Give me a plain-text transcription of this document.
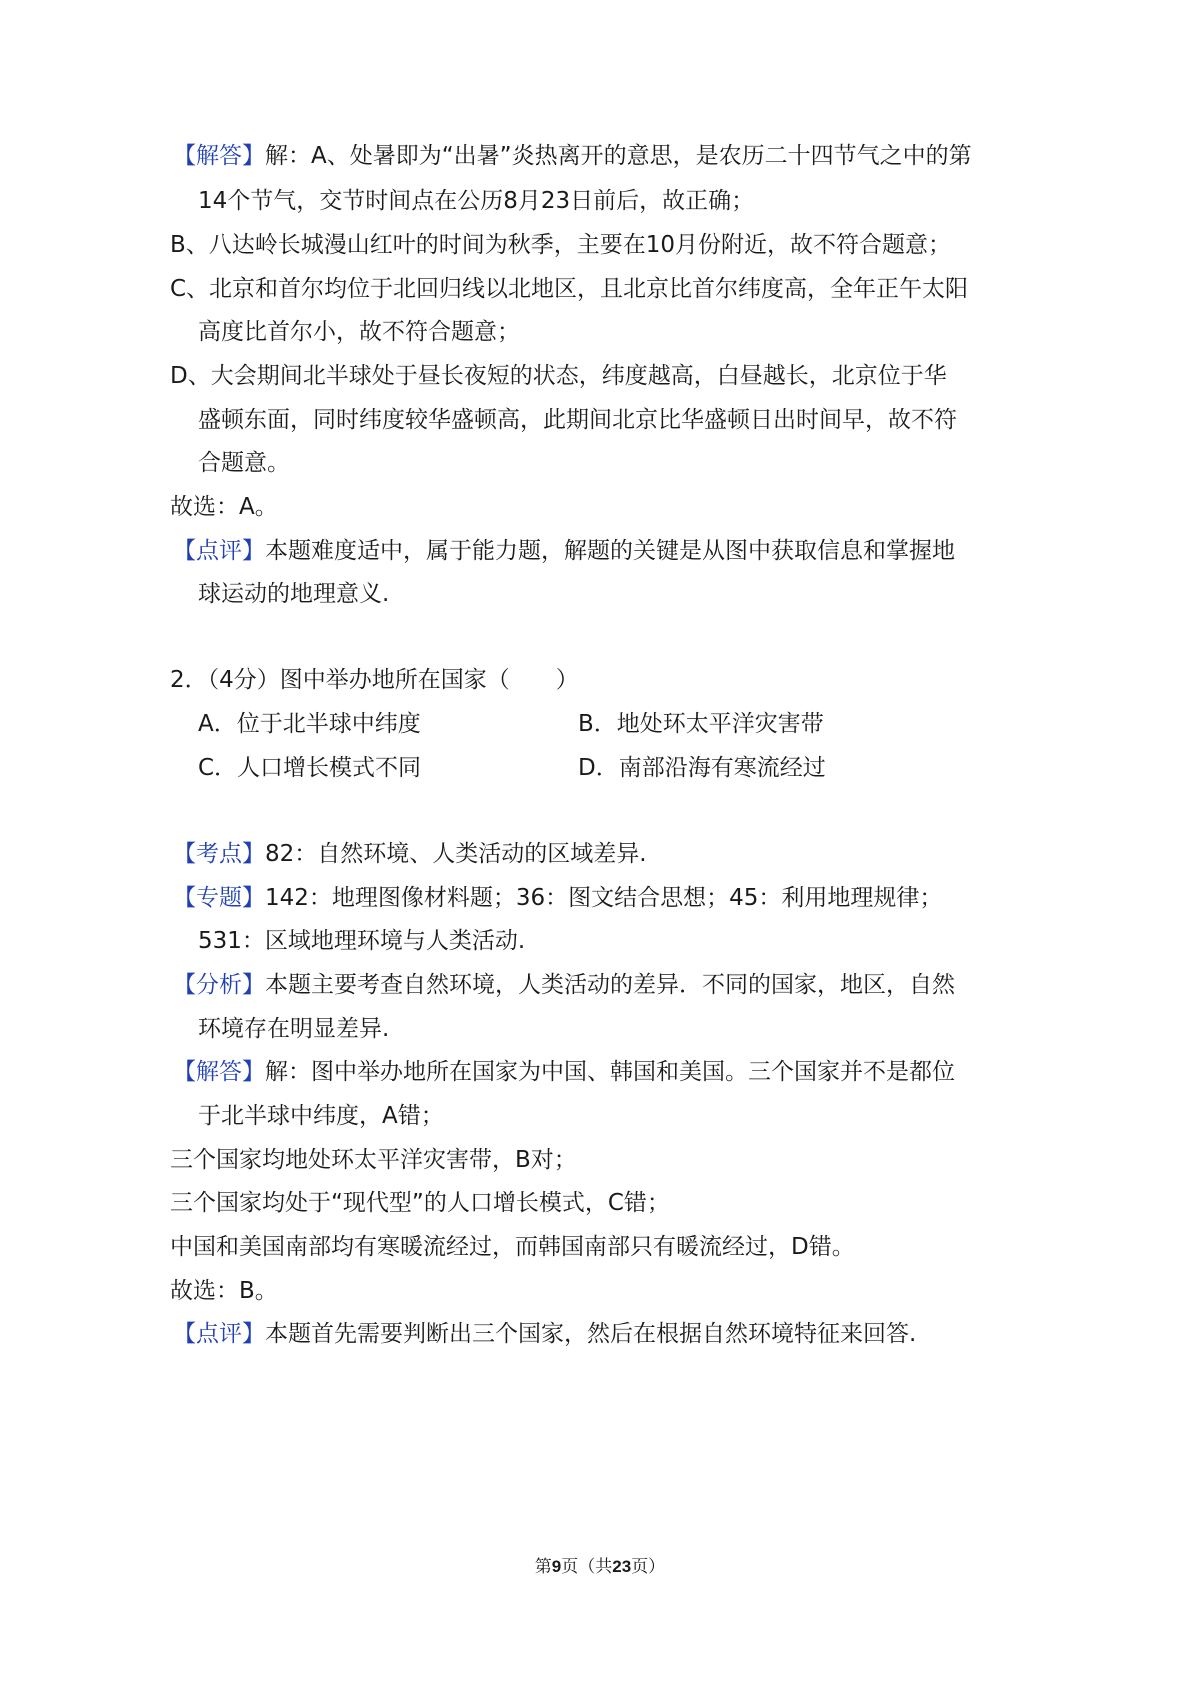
【解答】解：A、处暑即为“出暑”炎热离开的意思，是农历二十四节气之中的第
14个节气，交节时间点在公历8月23日前后，故正确；
B、八达岭长城漫山红叶的时间为秋季，主要在10月份附近，故不符合题意；
C、北京和首尔均位于北回归线以北地区，且北京比首尔纬度高，全年正午太阳
高度比首尔小，故不符合题意；
D、大会期间北半球处于昼长夜短的状态，纬度越高，白昼越长，北京位于华
盛顿东面，同时纬度较华盛顿高，此期间北京比华盛顿日出时间早，故不符
合题意。
故选：A。
【点评】本题难度适中，属于能力题，解题的关键是从图中获取信息和掌握地
球运动的地理意义.
2．（4分）图中举办地所在国家（　　）
A．位于北半球中纬度	B．地处环太平洋灾害带
C．人口增长模式不同	D．南部沿海有寒流经过
【考点】82：自然环境、人类活动的区域差异.
【专题】142：地理图像材料题；36：图文结合思想；45：利用地理规律；
531：区域地理环境与人类活动.
【分析】本题主要考查自然环境，人类活动的差异．不同的国家，地区，自然
环境存在明显差异.
【解答】解：图中举办地所在国家为中国、韩国和美国。三个国家并不是都位
于北半球中纬度，A错；
三个国家均地处环太平洋灾害带，B对；
三个国家均处于“现代型”的人口增长模式，C错；
中国和美国南部均有寒暖流经过，而韩国南部只有暖流经过，D错。
故选：B。
【点评】本题首先需要判断出三个国家，然后在根据自然环境特征来回答.
第9页（共23页）
